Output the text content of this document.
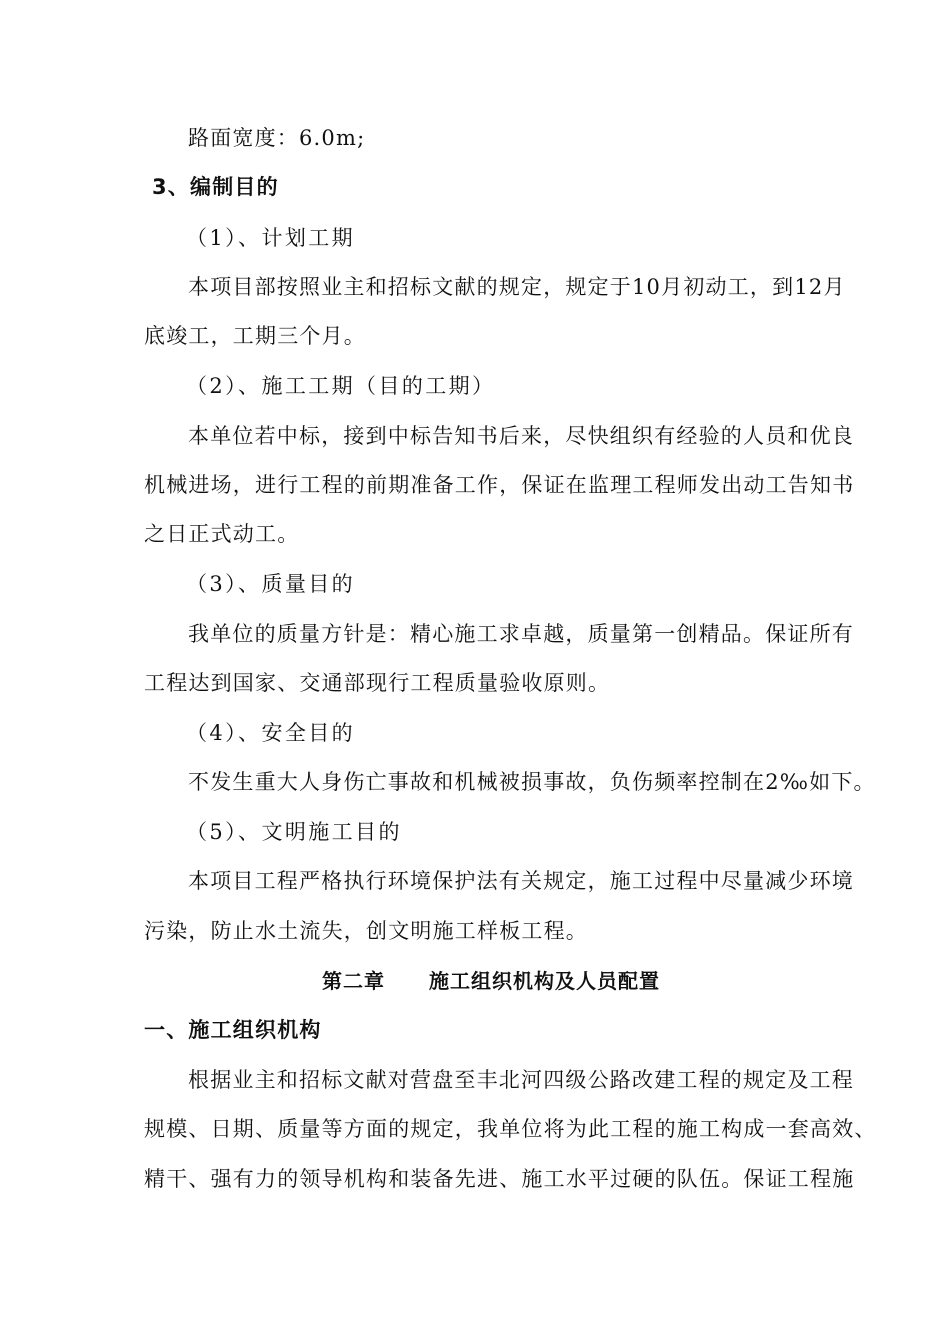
路面宽度：6.0m;
3、编制目的
（1）、计划工期
本项目部按照业主和招标文献的规定，规定于10月初动工，到12月
底竣工，工期三个月。
（2）、施工工期（目的工期）
本单位若中标，接到中标告知书后来，尽快组织有经验的人员和优良
机械进场，进行工程的前期准备工作，保证在监理工程师发出动工告知书
之日正式动工。
（3）、质量目的
我单位的质量方针是：精心施工求卓越，质量第一创精品。保证所有
工程达到国家、交通部现行工程质量验收原则。
（4）、安全目的
不发生重大人身伤亡事故和机械被损事故，负伤频率控制在2‰如下。
（5）、文明施工目的
本项目工程严格执行环境保护法有关规定，施工过程中尽量减少环境
污染，防止水土流失，创文明施工样板工程。
第二章 施工组织机构及人员配置
一、施工组织机构
根据业主和招标文献对营盘至丰北河四级公路改建工程的规定及工程
规模、日期、质量等方面的规定，我单位将为此工程的施工构成一套高效、
精干、强有力的领导机构和装备先进、施工水平过硬的队伍。保证工程施
